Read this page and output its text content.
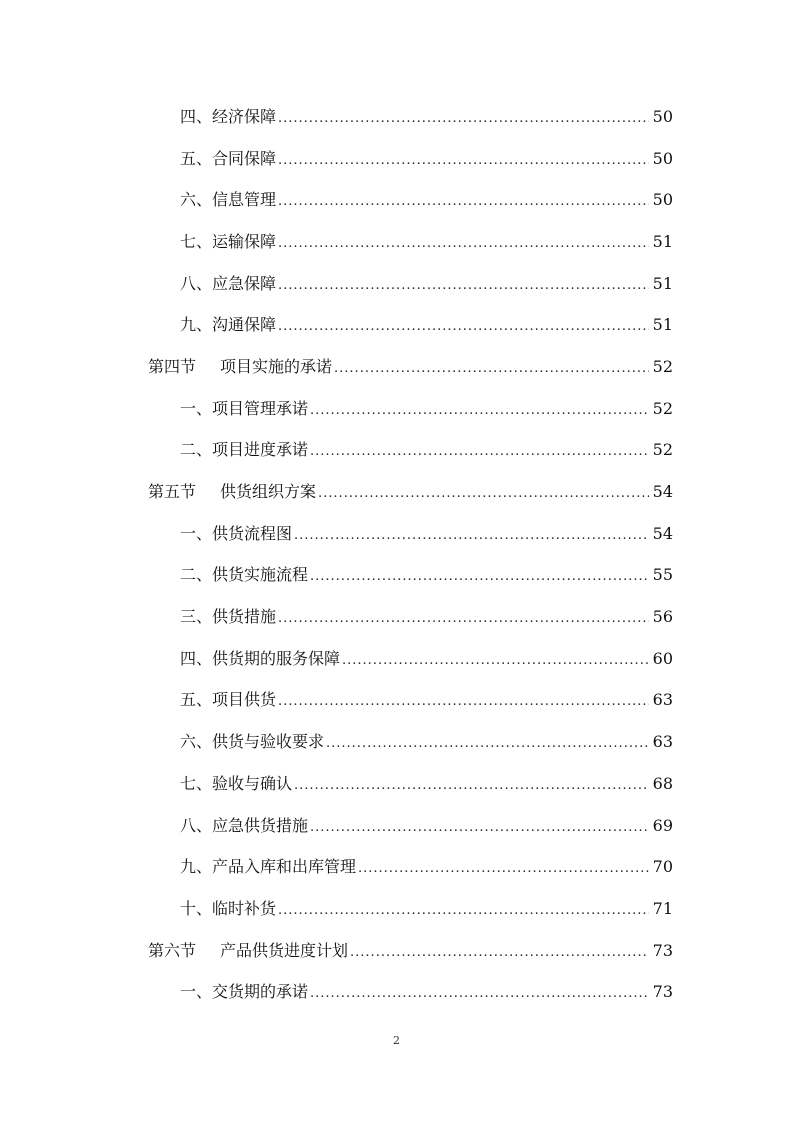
四、经济保障 .....	50
五、合同保障 .....	50
六、信息管理 .....	50
七、运输保障 .....	51
八、应急保障 .....	51
九、沟通保障 .....	51
第四节 项目实施的承诺 .....	52
一、项目管理承诺 .....	52
二、项目进度承诺 .....	52
第五节 供货组织方案 .....	54
一、供货流程图 .....	54
二、供货实施流程 .....	55
三、供货措施 .....	56
四、供货期的服务保障 .....	60
五、项目供货 .....	63
六、供货与验收要求 .....	63
七、验收与确认 .....	68
八、应急供货措施 .....	69
九、产品入库和出库管理 .....	70
十、临时补货 .....	71
第六节 产品供货进度计划 .....	73
一、交货期的承诺 .....	73
2
